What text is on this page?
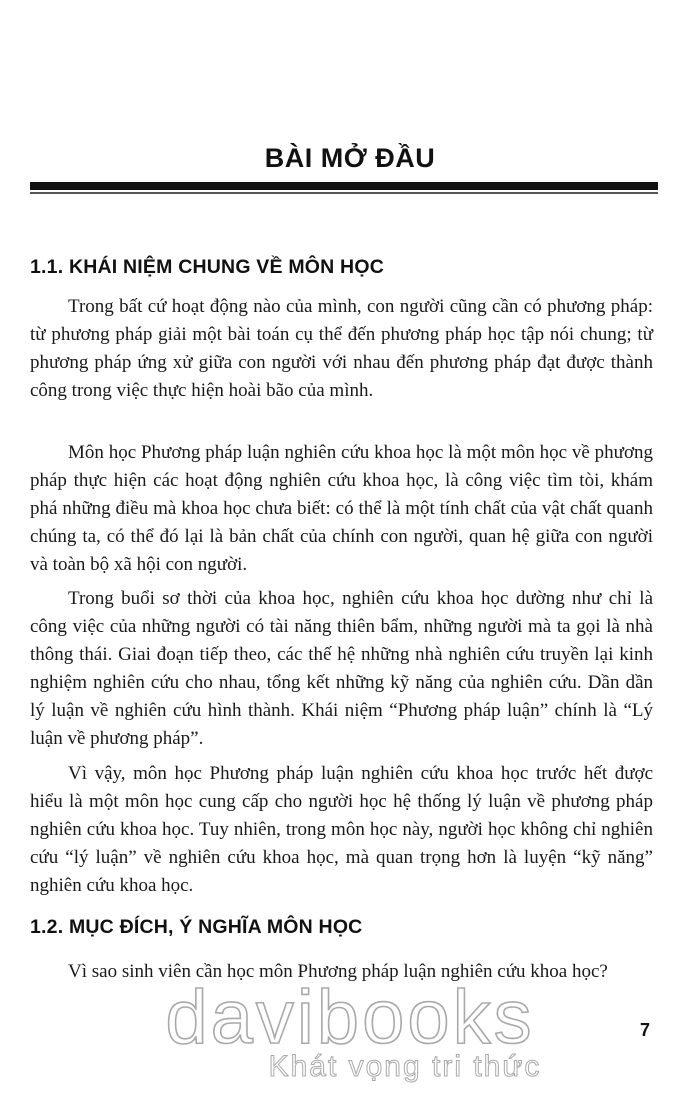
BÀI MỞ ĐẦU
1.1. KHÁI NIỆM CHUNG VỀ MÔN HỌC

Trong bất cứ hoạt động nào của mình, con người cũng cần có phương pháp: từ phương pháp giải một bài toán cụ thể đến phương pháp học tập nói chung; từ phương pháp ứng xử giữa con người với nhau đến phương pháp đạt được thành công trong việc thực hiện hoài bão của mình.

Môn học Phương pháp luận nghiên cứu khoa học là một môn học về phương pháp thực hiện các hoạt động nghiên cứu khoa học, là công việc tìm tòi, khám phá những điều mà khoa học chưa biết: có thể là một tính chất của vật chất quanh chúng ta, có thể đó lại là bản chất của chính con người, quan hệ giữa con người và toàn bộ xã hội con người.

Trong buổi sơ thời của khoa học, nghiên cứu khoa học dường như chỉ là công việc của những người có tài năng thiên bẩm, những người mà ta gọi là nhà thông thái. Giai đoạn tiếp theo, các thế hệ những nhà nghiên cứu truyền lại kinh nghiệm nghiên cứu cho nhau, tổng kết những kỹ năng của nghiên cứu. Dần dần lý luận về nghiên cứu hình thành. Khái niệm “Phương pháp luận” chính là “Lý luận về phương pháp”.

Vì vậy, môn học Phương pháp luận nghiên cứu khoa học trước hết được hiểu là một môn học cung cấp cho người học hệ thống lý luận về phương pháp nghiên cứu khoa học. Tuy nhiên, trong môn học này, người học không chỉ nghiên cứu “lý luận” về nghiên cứu khoa học, mà quan trọng hơn là luyện “kỹ năng” nghiên cứu khoa học.

1.2. MỤC ĐÍCH, Ý NGHĨA MÔN HỌC

Vì sao sinh viên cần học môn Phương pháp luận nghiên cứu khoa học?

7
davibooks
Khát vọng tri thức
